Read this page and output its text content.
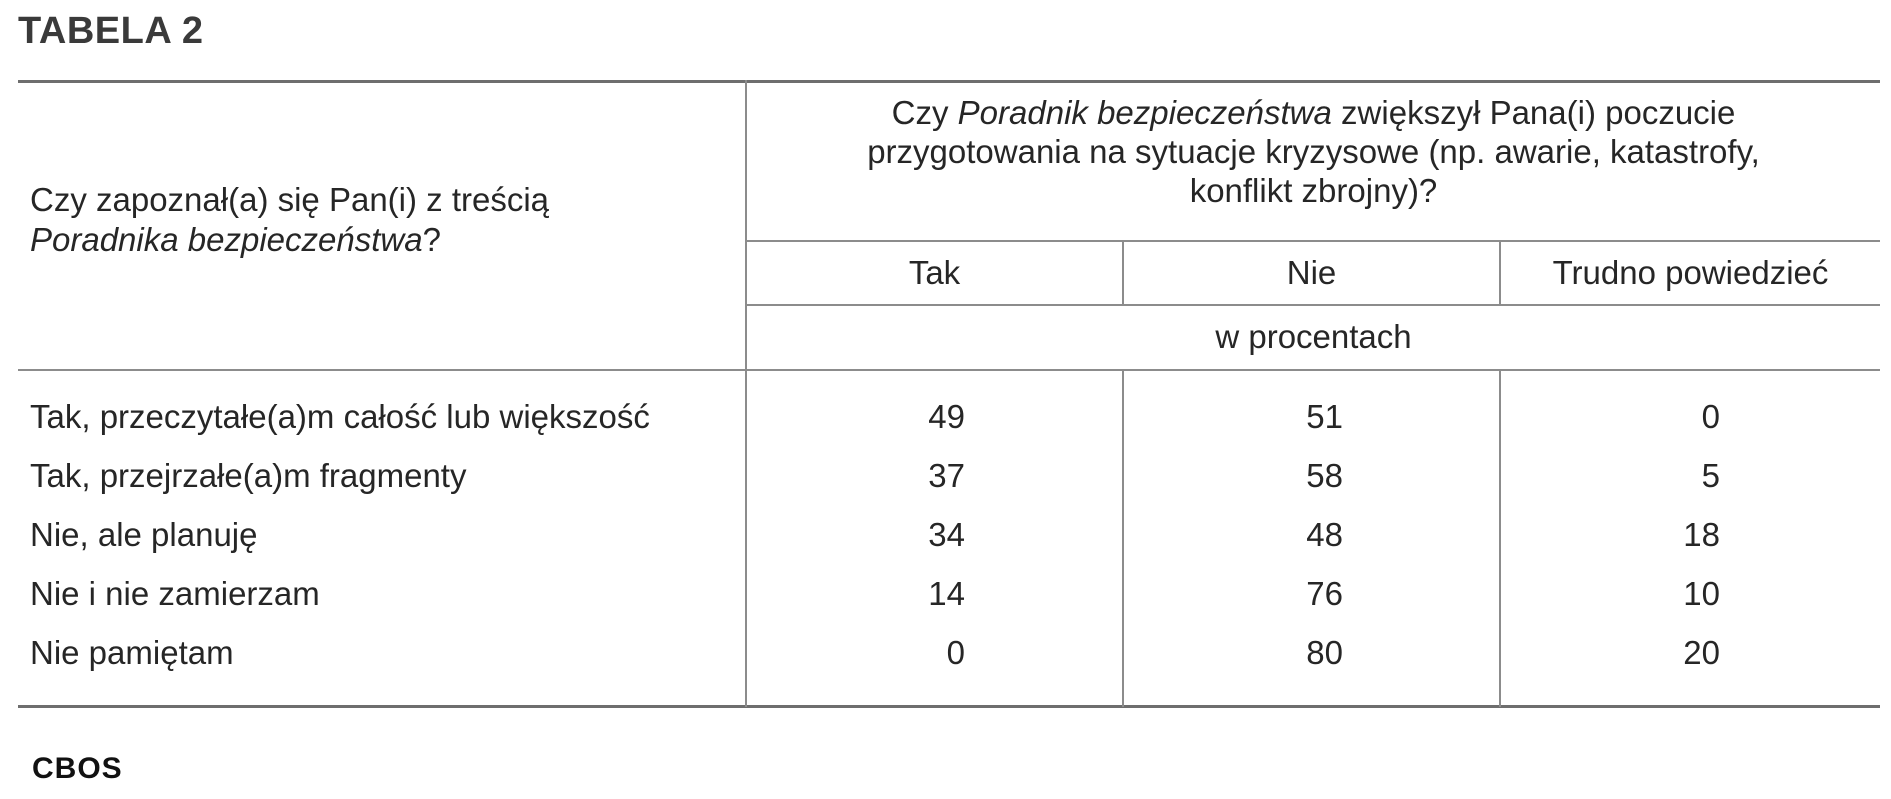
TABELA 2
Czy zapoznał(a) się Pan(i) z treścią
Poradnika bezpieczeństwa?
Czy Poradnik bezpieczeństwa zwiększył Pana(i) poczucie
przygotowania na sytuacje kryzysowe (np. awarie, katastrofy,
konflikt zbrojny)?
Tak	Nie	Trudno powiedzieć
w procentach
Tak, przeczytałe(a)m całość lub większość	49	51	0
Tak, przejrzałe(a)m fragmenty	37	58	5
Nie, ale planuję	34	48	18
Nie i nie zamierzam	14	76	10
Nie pamiętam	0	80	20
CBOS
